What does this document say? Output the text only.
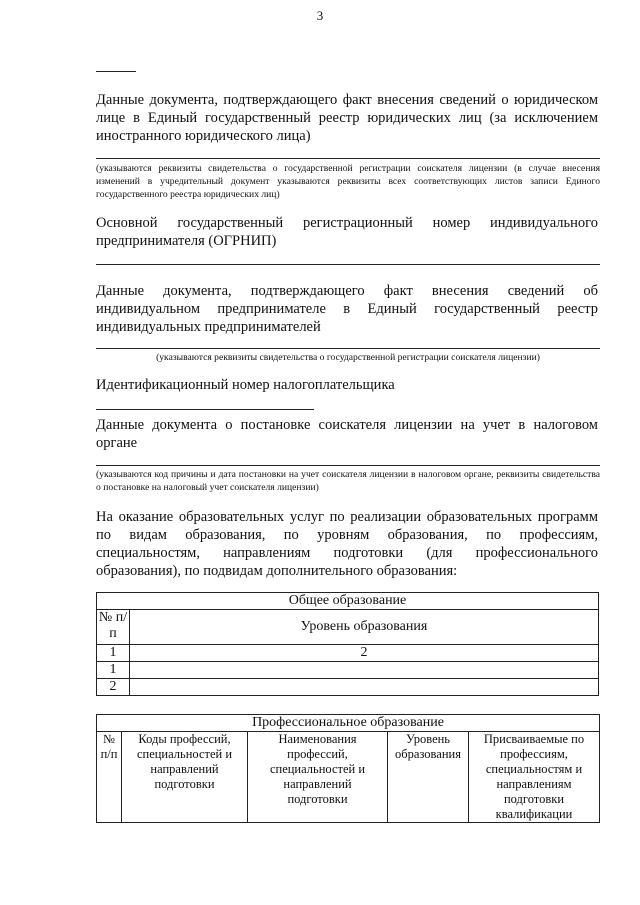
3

Данные документа, подтверждающего факт внесения сведений о юридическом лице в Единый государственный реестр юридических лиц (за исключением иностранного юридического лица)

(указываются реквизиты свидетельства о государственной регистрации соискателя лицензии (в случае внесения изменений в учредительный документ указываются реквизиты всех соответствующих листов записи Единого государственного реестра юридических лиц)

Основной государственный регистрационный номер индивидуального предпринимателя (ОГРНИП)

Данные документа, подтверждающего факт внесения сведений об индивидуальном предпринимателе в Единый государственный реестр индивидуальных предпринимателей

(указываются реквизиты свидетельства о государственной регистрации соискателя лицензии)

Идентификационный номер налогоплательщика

Данные документа о постановке соискателя лицензии на учет в налоговом органе

(указываются код причины и дата постановки на учет соискателя лицензии в налоговом органе, реквизиты свидетельства о постановке на налоговый учет соискателя лицензии)

На оказание образовательных услуг по реализации образовательных программ по видам образования, по уровням образования, по профессиям, специальностям, направлениям подготовки (для профессионального образования), по подвидам дополнительного образования:

Общее образование	
№ п/п	Уровень образования
1	2
1	
2	
Профессиональное образование
№ п/п	Коды профессий, специальностей и направлений подготовки	Наименования профессий, специальностей и направлений подготовки	Уровень образования	Присваиваемые по профессиям, специальностям и направлениям подготовки квалификации
